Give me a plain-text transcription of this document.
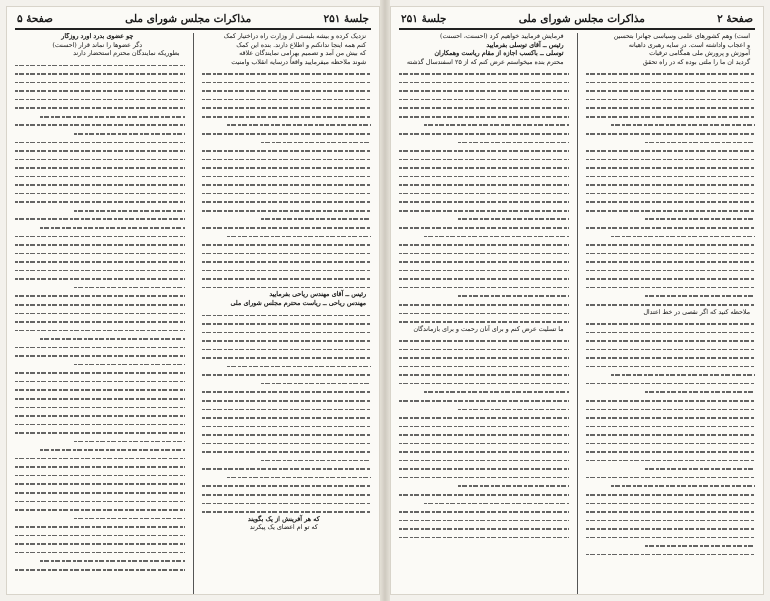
جلسهٔ ۲۵۱
مذاکرات مجلس شورای ملی
صفحهٔ ۵

نزدیک کرده و بیشه بلیستی از وزارت راه دراختیار کمک

کنم همه اینجا ندانکنم و اطلاع دارند. بنده این کمک

که بیش من آمد و تصمیم بهرامی نمایندگان علاقه

شوند ملاحظه میفرمایید واقعاً درسایه انقلاب وامنیت

رئیس ــ آقای مهندس ریاحی بفرمایید

مهندس ریاحی ــ ریاست محترم مجلس شورای ملی

که هر آفرینش از یک بگویند

که تو ام اعضای یک پیکرند

چو عضوی بدرد آورد روزگار

دگر عضوها را نماند قرار (احسنت)

بطوریکه نمایندگان محترم استحضار دارند

صفحهٔ ۲
مذاکرات مجلس شورای ملی
جلسهٔ ۲۵۱

است) وهم کشورهای علمی وسیاسی جهانرا بتحسین

و اعجاب واداشته است. در سایه رهبری داهیانه

آموزش و پرورش ملی همگامی ترقیات

گردید ان ما را ملتی بوده که در راه تحقق

ملاحظه کنید که اگر نقصی در خط اعتدال

فرمایش فرمایید خواهیم کرد (احسنت، احسنت)

رئیس ــ آقای توسلی بفرمایید

توسلی ــ باکسب اجازه از مقام ریاست وهمکاران

محترم بنده میخواستم عرض کنم که از ۲۵ اسفندسال گذشته

ما تسلیت عرض کنم و برای آنان رحمت و برای بازماندگان
